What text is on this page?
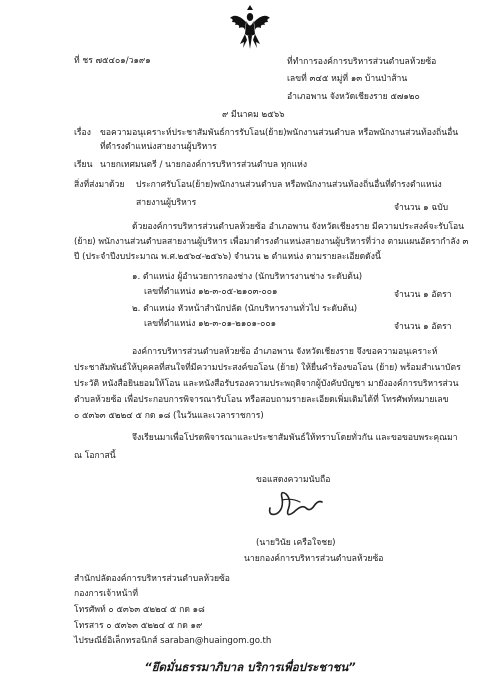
ที่ ชร ๗๕๔๐๑/ว๑๙๑	ที่ทำการองค์การบริหารส่วนตำบลห้วยซ้อ
เลขที่ ๓๔๕ หมู่ที่ ๑๓ บ้านป่าส้าน
อำเภอพาน จังหวัดเชียงราย ๕๗๑๒๐
๙ มีนาคม ๒๕๖๖
เรื่อง ขอความอนุเคราะห์ประชาสัมพันธ์การรับโอน(ย้าย)พนักงานส่วนตำบล หรือพนักงานส่วนท้องถิ่นอื่น
ที่ดำรงตำแหน่งสายงานผู้บริหาร
เรียน นายกเทศมนตรี / นายกองค์การบริหารส่วนตำบล ทุกแห่ง
สิ่งที่ส่งมาด้วย ประกาศรับโอน(ย้าย)พนักงานส่วนตำบล หรือพนักงานส่วนท้องถิ่นอื่นที่ดำรงตำแหน่ง
สายงานผู้บริหาร	จำนวน ๑ ฉบับ
ด้วยองค์การบริหารส่วนตำบลห้วยซ้อ อำเภอพาน จังหวัดเชียงราย มีความประสงค์จะรับโอน
(ย้าย) พนักงานส่วนตำบลสายงานผู้บริหาร เพื่อมาดำรงตำแหน่งสายงานผู้บริหารที่ว่าง ตามแผนอัตรากำลัง ๓
ปี (ประจำปีงบประมาณ พ.ศ.๒๕๖๔-๒๕๖๖) จำนวน ๒ ตำแหน่ง ตามรายละเอียดดังนี้
๑. ตำแหน่ง ผู้อำนวยการกองช่าง (นักบริหารงานช่าง ระดับต้น)
เลขที่ตำแหน่ง ๑๒-๓-๐๕-๒๑๐๓-๐๐๑	จำนวน ๑ อัตรา
๒. ตำแหน่ง หัวหน้าสำนักปลัด (นักบริหารงานทั่วไป ระดับต้น)
เลขที่ตำแหน่ง ๑๒-๓-๐๑-๒๑๐๑-๐๐๑	จำนวน ๑ อัตรา
องค์การบริหารส่วนตำบลห้วยซ้อ อำเภอพาน จังหวัดเชียงราย จึงขอความอนุเคราะห์
ประชาสัมพันธ์ให้บุคคลที่สนใจที่มีความประสงค์ขอโอน (ย้าย) ให้ยื่นคำร้องขอโอน (ย้าย) พร้อมสำเนาบัตร
ประวัติ หนังสือยินยอมให้โอน และหนังสือรับรองความประพฤติจากผู้บังคับบัญชา มายังองค์การบริหารส่วน
ตำบลห้วยซ้อ เพื่อประกอบการพิจารณารับโอน หรือสอบถามรายละเอียดเพิ่มเติมได้ที่ โทรศัพท์หมายเลข
๐ ๕๓๖๓ ๕๒๒๔ ๕ กด ๑๘ (ในวันและเวลาราชการ)
จึงเรียนมาเพื่อโปรดพิจารณาและประชาสัมพันธ์ให้ทราบโดยทั่วกัน และขอขอบพระคุณมา
ณ โอกาสนี้
ขอแสดงความนับถือ
(นายวินัย เครือใจชย)
นายกองค์การบริหารส่วนตำบลห้วยซ้อ
สำนักปลัดองค์การบริหารส่วนตำบลห้วยซ้อ
กองการเจ้าหน้าที่
โทรศัพท์ ๐ ๕๓๖๓ ๕๒๒๔ ๕ กด ๑๘
โทรสาร ๐ ๕๓๖๓ ๕๒๒๔ ๕ กด ๑๙
ไปรษณีย์อิเล็กทรอนิกส์ saraban@huaingom.go.th
“ยึดมั่นธรรมาภิบาล บริการเพื่อประชาชน”
